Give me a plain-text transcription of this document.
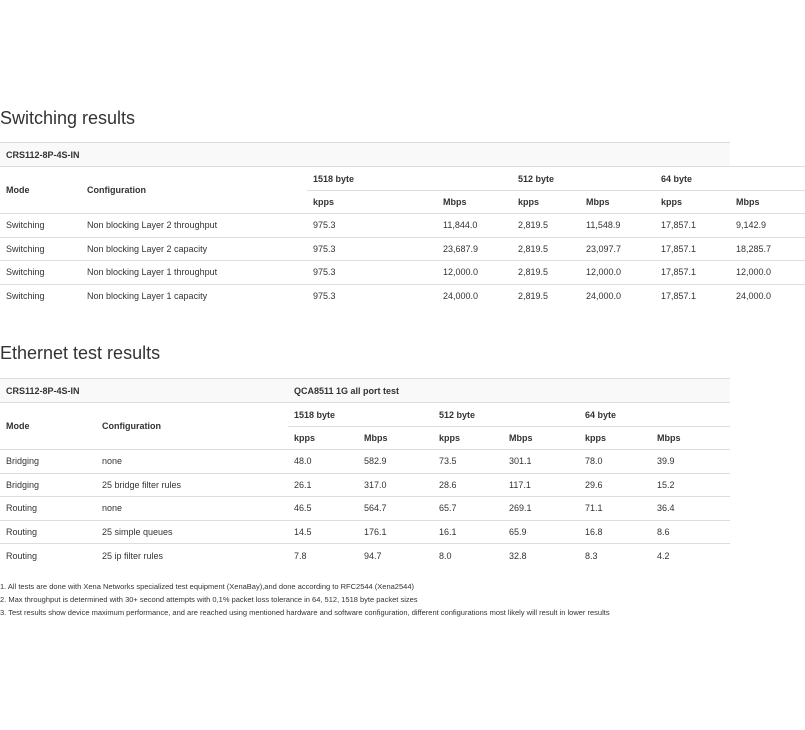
Switching results
CRS112-8P-4S-IN
Mode	Configuration	1518 byte		512 byte		64 byte	
		kpps	Mbps	kpps	Mbps	kpps	Mbps
Switching	Non blocking Layer 2 throughput	975.3	11,844.0	2,819.5	11,548.9	17,857.1	9,142.9
Switching	Non blocking Layer 2 capacity	975.3	23,687.9	2,819.5	23,097.7	17,857.1	18,285.7
Switching	Non blocking Layer 1 throughput	975.3	12,000.0	2,819.5	12,000.0	17,857.1	12,000.0
Switching	Non blocking Layer 1 capacity	975.3	24,000.0	2,819.5	24,000.0	17,857.1	24,000.0
Ethernet test results
CRS112-8P-4S-IN		QCA8511 1G all port test					
Mode	Configuration	1518 byte		512 byte		64 byte	
		kpps	Mbps	kpps	Mbps	kpps	Mbps
Bridging	none	48.0	582.9	73.5	301.1	78.0	39.9
Bridging	25 bridge filter rules	26.1	317.0	28.6	117.1	29.6	15.2
Routing	none	46.5	564.7	65.7	269.1	71.1	36.4
Routing	25 simple queues	14.5	176.1	16.1	65.9	16.8	8.6
Routing	25 ip filter rules	7.8	94.7	8.0	32.8	8.3	4.2
1. All tests are done with Xena Networks specialized test equipment (XenaBay),and done according to RFC2544 (Xena2544)
2. Max throughput is determined with 30+ second attempts with 0,1% packet loss tolerance in 64, 512, 1518 byte packet sizes
3. Test results show device maximum performance, and are reached using mentioned hardware and software configuration, different configurations most likely will result in lower results
